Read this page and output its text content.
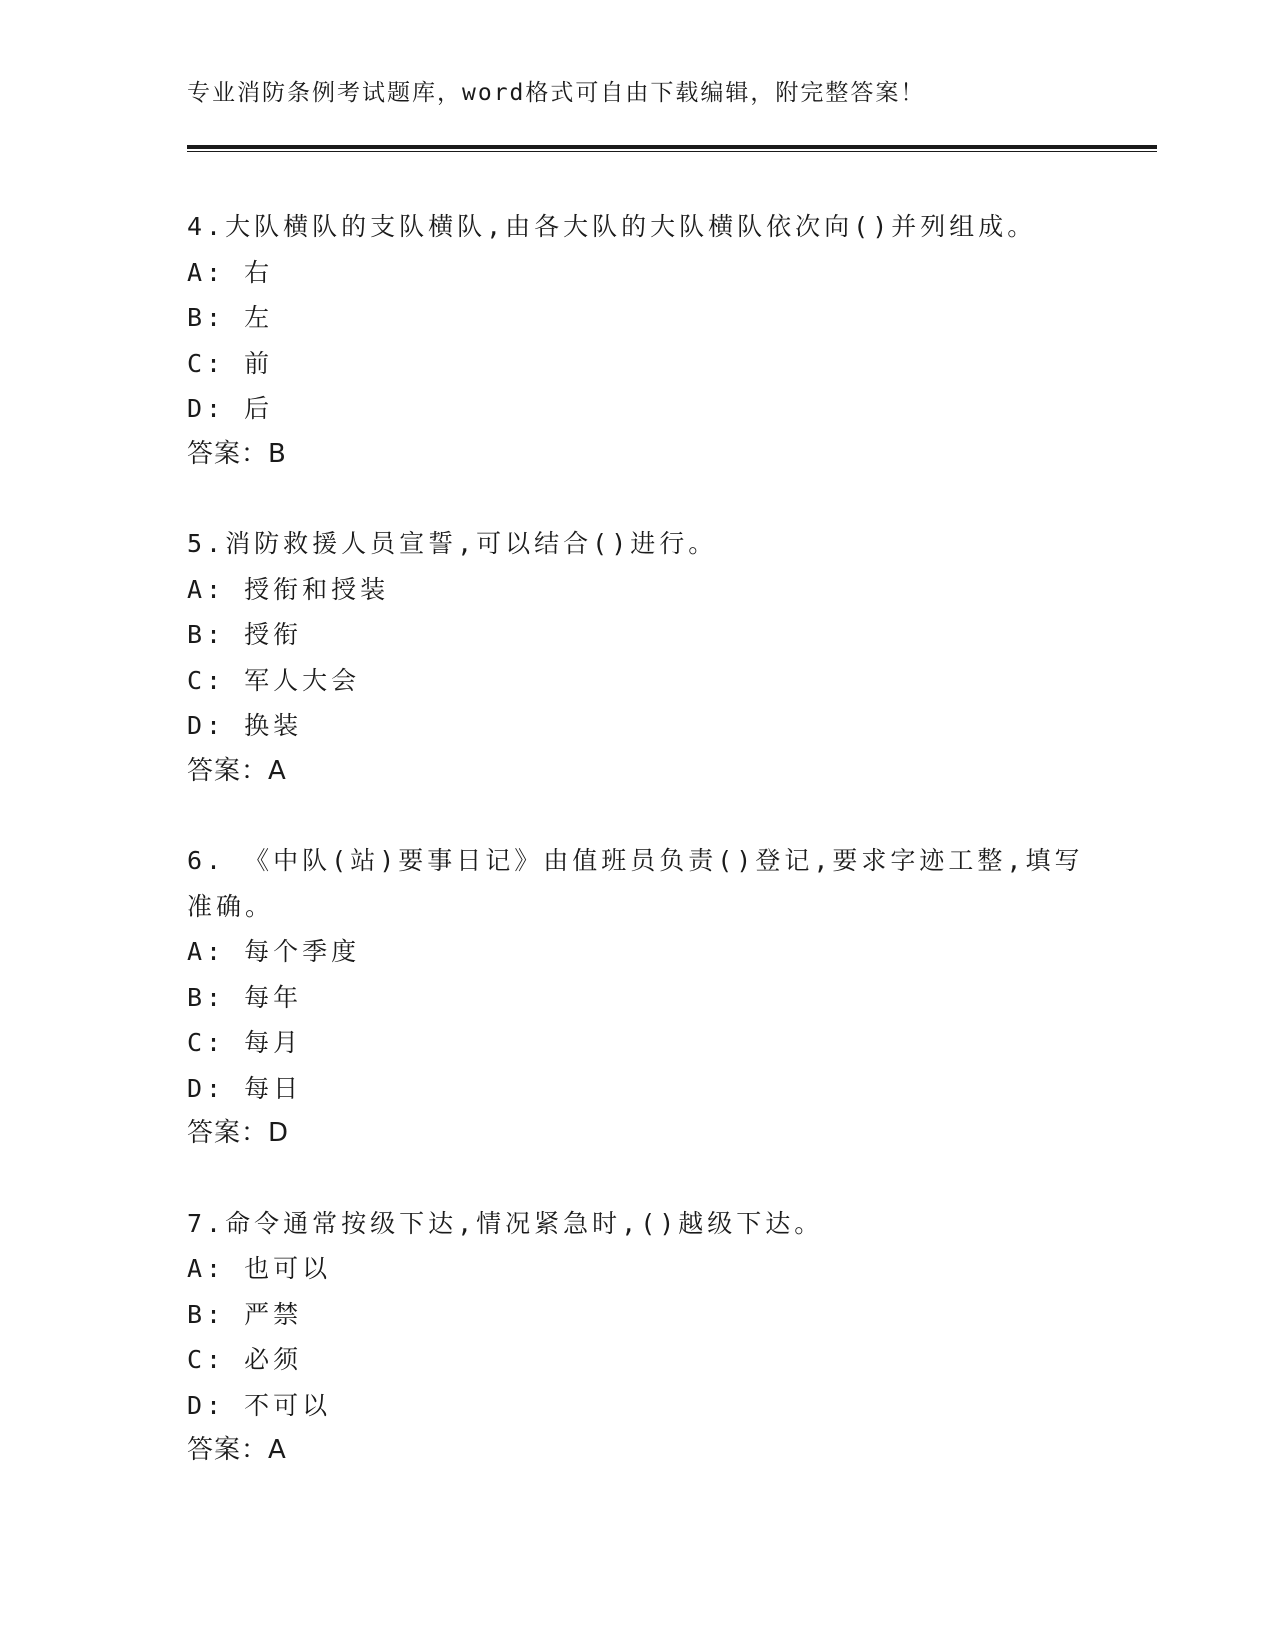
专业消防条例考试题库，word格式可自由下载编辑，附完整答案！
4.大队横队的支队横队,由各大队的大队横队依次向()并列组成。
A: 右
B: 左
C: 前
D: 后
答案：B
5.消防救援人员宣誓,可以结合()进行。
A: 授衔和授装
B: 授衔
C: 军人大会
D: 换装
答案：A
6. 《中队(站)要事日记》由值班员负责()登记,要求字迹工整,填写准确。
A: 每个季度
B: 每年
C: 每月
D: 每日
答案：D
7.命令通常按级下达,情况紧急时,()越级下达。
A: 也可以
B: 严禁
C: 必须
D: 不可以
答案：A
